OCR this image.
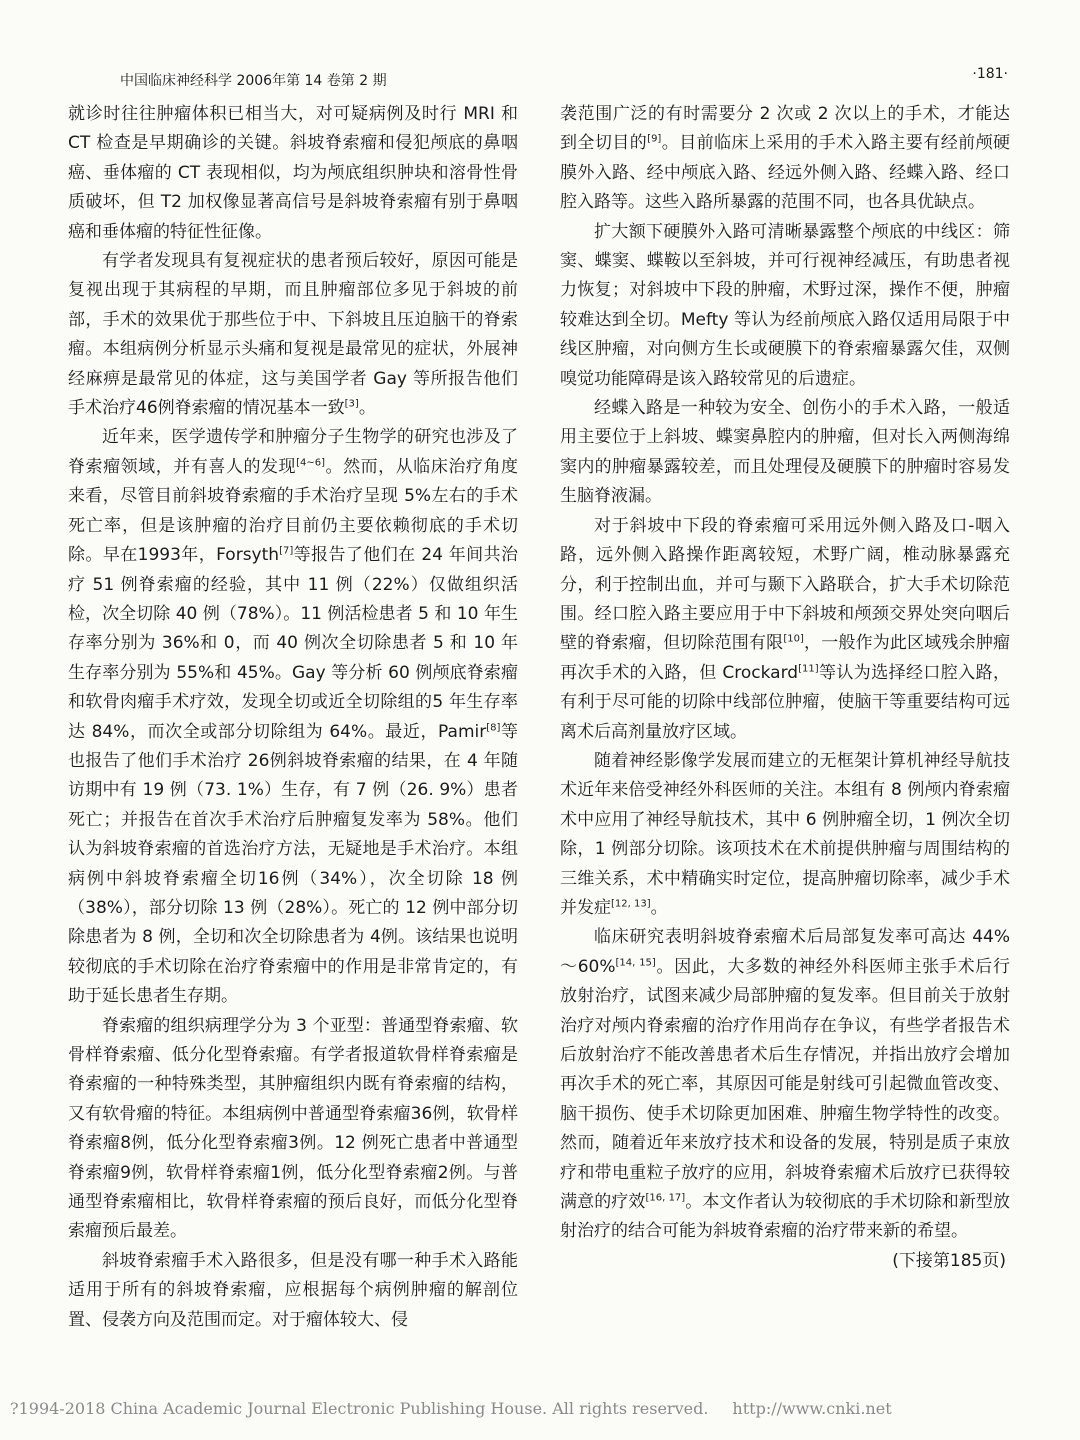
中国临床神经科学 2006年第 14 卷第 2 期	·181·

就诊时往往肿瘤体积已相当大，对可疑病例及时行 MRI 和 CT 检查是早期确诊的关键。斜坡脊索瘤和侵犯颅底的鼻咽癌、垂体瘤的 CT 表现相似，均为颅底组织肿块和溶骨性骨质破坏，但 T2 加权像显著高信号是斜坡脊索瘤有别于鼻咽癌和垂体瘤的特征性征像。

有学者发现具有复视症状的患者预后较好，原因可能是复视出现于其病程的早期，而且肿瘤部位多见于斜坡的前部，手术的效果优于那些位于中、下斜坡且压迫脑干的脊索瘤。本组病例分析显示头痛和复视是最常见的症状，外展神经麻痹是最常见的体症，这与美国学者 Gay 等所报告他们手术治疗46例脊索瘤的情况基本一致[3]。

近年来，医学遗传学和肿瘤分子生物学的研究也涉及了脊索瘤领域，并有喜人的发现[4~6]。然而，从临床治疗角度来看，尽管目前斜坡脊索瘤的手术治疗呈现 5%左右的手术死亡率，但是该肿瘤的治疗目前仍主要依赖彻底的手术切除。早在1993年，Forsyth[7]等报告了他们在 24 年间共治疗 51 例脊索瘤的经验，其中 11 例（22%）仅做组织活检，次全切除 40 例（78%）。11 例活检患者 5 和 10 年生存率分别为 36%和 0，而 40 例次全切除患者 5 和 10 年生存率分别为 55%和 45%。Gay 等分析 60 例颅底脊索瘤和软骨肉瘤手术疗效，发现全切或近全切除组的5 年生存率达 84%，而次全或部分切除组为 64%。最近，Pamir[8]等也报告了他们手术治疗 26例斜坡脊索瘤的结果，在 4 年随访期中有 19 例（73. 1%）生存，有 7 例（26. 9%）患者死亡；并报告在首次手术治疗后肿瘤复发率为 58%。他们认为斜坡脊索瘤的首选治疗方法，无疑地是手术治疗。本组病例中斜坡脊索瘤全切16例（34%），次全切除 18 例（38%），部分切除 13 例（28%）。死亡的 12 例中部分切除患者为 8 例，全切和次全切除患者为 4例。该结果也说明较彻底的手术切除在治疗脊索瘤中的作用是非常肯定的，有助于延长患者生存期。

脊索瘤的组织病理学分为 3 个亚型：普通型脊索瘤、软骨样脊索瘤、低分化型脊索瘤。有学者报道软骨样脊索瘤是脊索瘤的一种特殊类型，其肿瘤组织内既有脊索瘤的结构，又有软骨瘤的特征。本组病例中普通型脊索瘤36例，软骨样脊索瘤8例，低分化型脊索瘤3例。12 例死亡患者中普通型脊索瘤9例，软骨样脊索瘤1例，低分化型脊索瘤2例。与普通型脊索瘤相比，软骨样脊索瘤的预后良好，而低分化型脊索瘤预后最差。

斜坡脊索瘤手术入路很多，但是没有哪一种手术入路能适用于所有的斜坡脊索瘤，应根据每个病例肿瘤的解剖位置、侵袭方向及范围而定。对于瘤体较大、侵

袭范围广泛的有时需要分 2 次或 2 次以上的手术，才能达到全切目的[9]。目前临床上采用的手术入路主要有经前颅硬膜外入路、经中颅底入路、经远外侧入路、经蝶入路、经口腔入路等。这些入路所暴露的范围不同，也各具优缺点。

扩大额下硬膜外入路可清晰暴露整个颅底的中线区：筛窦、蝶窦、蝶鞍以至斜坡，并可行视神经减压，有助患者视力恢复；对斜坡中下段的肿瘤，术野过深，操作不便，肿瘤较难达到全切。Mefty 等认为经前颅底入路仅适用局限于中线区肿瘤，对向侧方生长或硬膜下的脊索瘤暴露欠佳，双侧嗅觉功能障碍是该入路较常见的后遗症。

经蝶入路是一种较为安全、创伤小的手术入路，一般适用主要位于上斜坡、蝶窦鼻腔内的肿瘤，但对长入两侧海绵窦内的肿瘤暴露较差，而且处理侵及硬膜下的肿瘤时容易发生脑脊液漏。

对于斜坡中下段的脊索瘤可采用远外侧入路及口-咽入路，远外侧入路操作距离较短，术野广阔，椎动脉暴露充分，利于控制出血，并可与颞下入路联合，扩大手术切除范围。经口腔入路主要应用于中下斜坡和颅颈交界处突向咽后壁的脊索瘤，但切除范围有限[10]，一般作为此区域残余肿瘤再次手术的入路，但 Crockard[11]等认为选择经口腔入路，有利于尽可能的切除中线部位肿瘤，使脑干等重要结构可远离术后高剂量放疗区域。

随着神经影像学发展而建立的无框架计算机神经导航技术近年来倍受神经外科医师的关注。本组有 8 例颅内脊索瘤术中应用了神经导航技术，其中 6 例肿瘤全切，1 例次全切除，1 例部分切除。该项技术在术前提供肿瘤与周围结构的三维关系，术中精确实时定位，提高肿瘤切除率，减少手术并发症[12, 13]。

临床研究表明斜坡脊索瘤术后局部复发率可高达 44%～60%[14, 15]。因此，大多数的神经外科医师主张手术后行放射治疗，试图来减少局部肿瘤的复发率。但目前关于放射治疗对颅内脊索瘤的治疗作用尚存在争议，有些学者报告术后放射治疗不能改善患者术后生存情况，并指出放疗会增加再次手术的死亡率，其原因可能是射线可引起微血管改变、脑干损伤、使手术切除更加困难、肿瘤生物学特性的改变。然而，随着近年来放疗技术和设备的发展，特别是质子束放疗和带电重粒子放疗的应用，斜坡脊索瘤术后放疗已获得较满意的疗效[16, 17]。本文作者认为较彻底的手术切除和新型放射治疗的结合可能为斜坡脊索瘤的治疗带来新的希望。

(下接第185页)

?1994-2018 China Academic Journal Electronic Publishing House. All rights reserved. http://www.cnki.net
